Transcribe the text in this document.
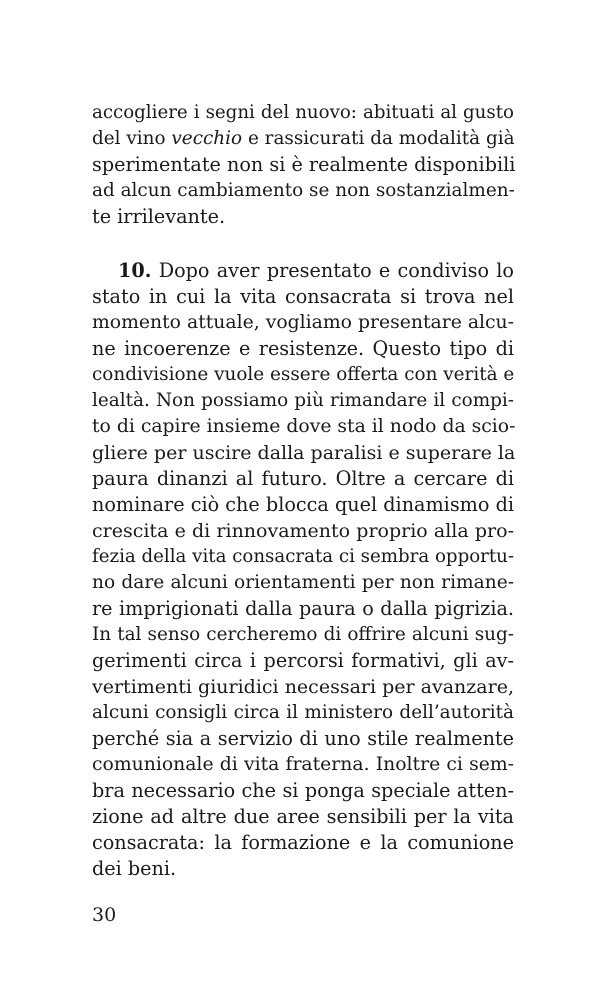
accogliere i segni del nuovo: abituati al gusto
del vino vecchio e rassicurati da modalità già
sperimentate non si è realmente disponibili
ad alcun cambiamento se non sostanzialmen-
te irrilevante.
10. Dopo aver presentato e condiviso lo
stato in cui la vita consacrata si trova nel
momento attuale, vogliamo presentare alcu-
ne incoerenze e resistenze. Questo tipo di
condivisione vuole essere offerta con verità e
lealtà. Non possiamo più rimandare il compi-
to di capire insieme dove sta il nodo da scio-
gliere per uscire dalla paralisi e superare la
paura dinanzi al futuro. Oltre a cercare di
nominare ciò che blocca quel dinamismo di
crescita e di rinnovamento proprio alla pro-
fezia della vita consacrata ci sembra opportu-
no dare alcuni orientamenti per non rimane-
re imprigionati dalla paura o dalla pigrizia.
In tal senso cercheremo di offrire alcuni sug-
gerimenti circa i percorsi formativi, gli av-
vertimenti giuridici necessari per avanzare,
alcuni consigli circa il ministero dell’autorità
perché sia a servizio di uno stile realmente
comunionale di vita fraterna. Inoltre ci sem-
bra necessario che si ponga speciale atten-
zione ad altre due aree sensibili per la vita
consacrata: la formazione e la comunione
dei beni.
30
